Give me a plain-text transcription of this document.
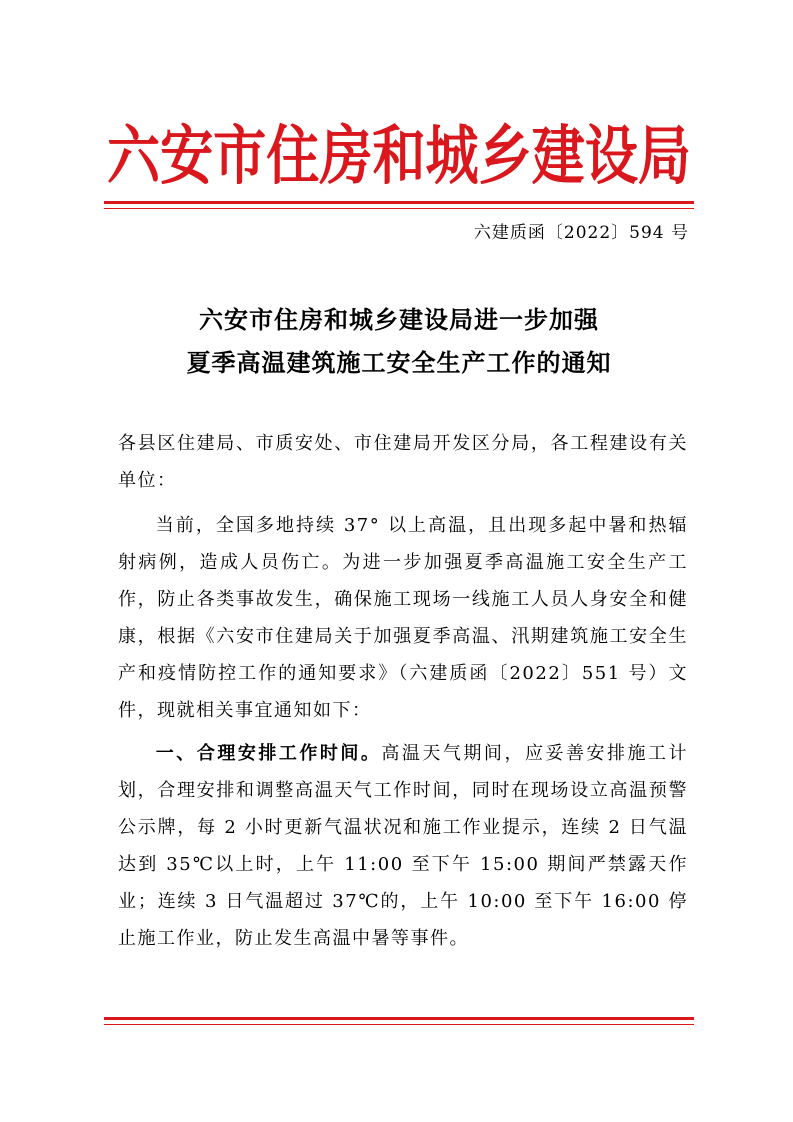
六安市住房和城乡建设局
六建质函〔2022〕594 号
六安市住房和城乡建设局进一步加强
夏季高温建筑施工安全生产工作的通知

各县区住建局、市质安处、市住建局开发区分局，各工程建设有关单位：

当前，全国多地持续 37° 以上高温，且出现多起中暑和热辐射病例，造成人员伤亡。为进一步加强夏季高温施工安全生产工作，防止各类事故发生，确保施工现场一线施工人员人身安全和健康，根据《六安市住建局关于加强夏季高温、汛期建筑施工安全生产和疫情防控工作的通知要求》（六建质函〔2022〕551 号）文件，现就相关事宜通知如下：

一、合理安排工作时间。高温天气期间，应妥善安排施工计划，合理安排和调整高温天气工作时间，同时在现场设立高温预警公示牌，每 2 小时更新气温状况和施工作业提示，连续 2 日气温达到 35℃以上时，上午 11:00 至下午 15:00 期间严禁露天作业；连续 3 日气温超过 37℃的，上午 10:00 至下午 16:00 停止施工作业，防止发生高温中暑等事件。
